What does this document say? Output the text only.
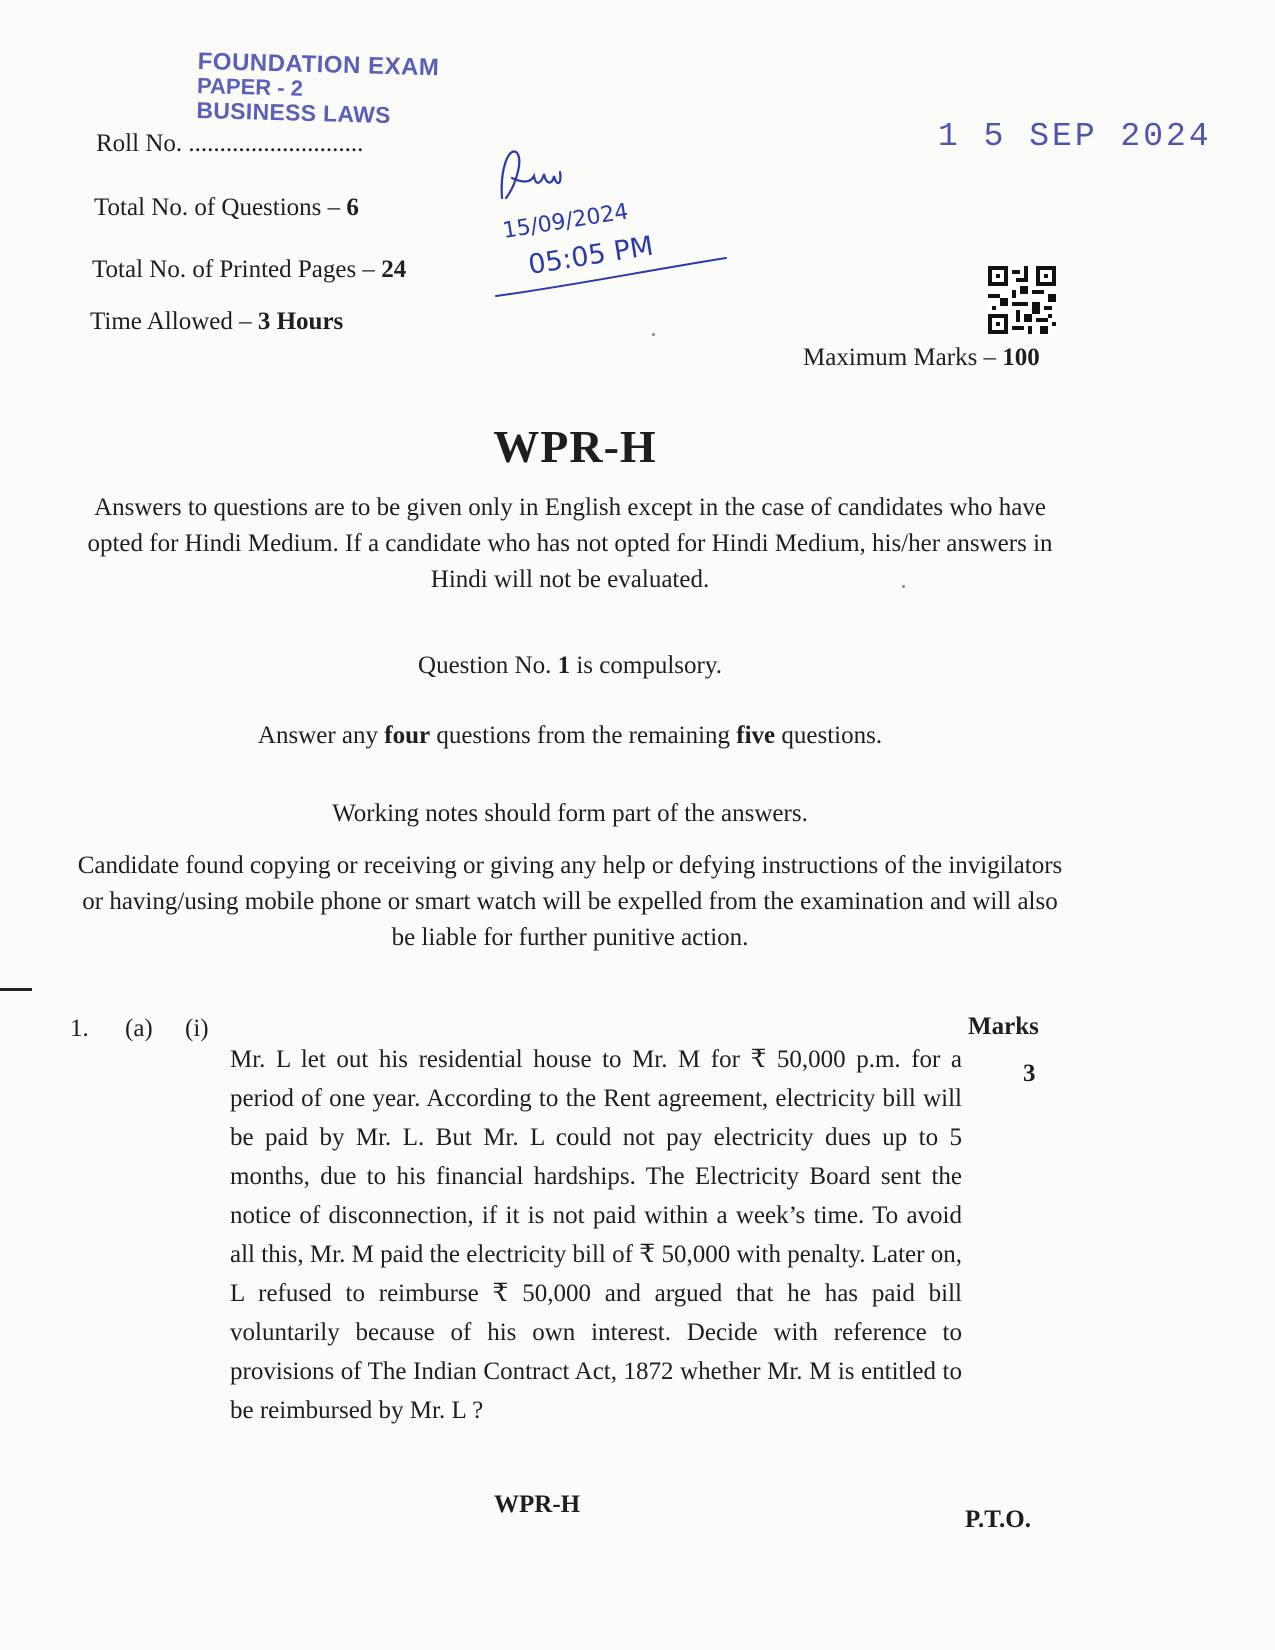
FOUNDATION EXAM
PAPER - 2
BUSINESS LAWS
1 5 SEP 2024
15/09/2024
05:05 PM
Roll No. ............................
Total No. of Questions – 6
Total No. of Printed Pages – 24
Time Allowed – 3 Hours
Maximum Marks – 100
WPR-H
Answers to questions are to be given only in English except in the case of candidates who have opted for Hindi Medium. If a candidate who has not opted for Hindi Medium, his/her answers in Hindi will not be evaluated.
Question No. 1 is compulsory.
Answer any four questions from the remaining five questions.
Working notes should form part of the answers.
Candidate found copying or receiving or giving any help or defying instructions of the invigilators or having/using mobile phone or smart watch will be expelled from the examination and will also be liable for further punitive action.
Marks
1. (a) (i)
Mr. L let out his residential house to Mr. M for ₹ 50,000 p.m. for a period of one year. According to the Rent agreement, electricity bill will be paid by Mr. L. But Mr. L could not pay electricity dues up to 5 months, due to his financial hardships. The Electricity Board sent the notice of disconnection, if it is not paid within a week’s time. To avoid all this, Mr. M paid the electricity bill of ₹ 50,000 with penalty. Later on, L refused to reimburse ₹ 50,000 and argued that he has paid bill voluntarily because of his own interest. Decide with reference to provisions of The Indian Contract Act, 1872 whether Mr. M is entitled to be reimbursed by Mr. L ?
3
WPR-H
P.T.O.
